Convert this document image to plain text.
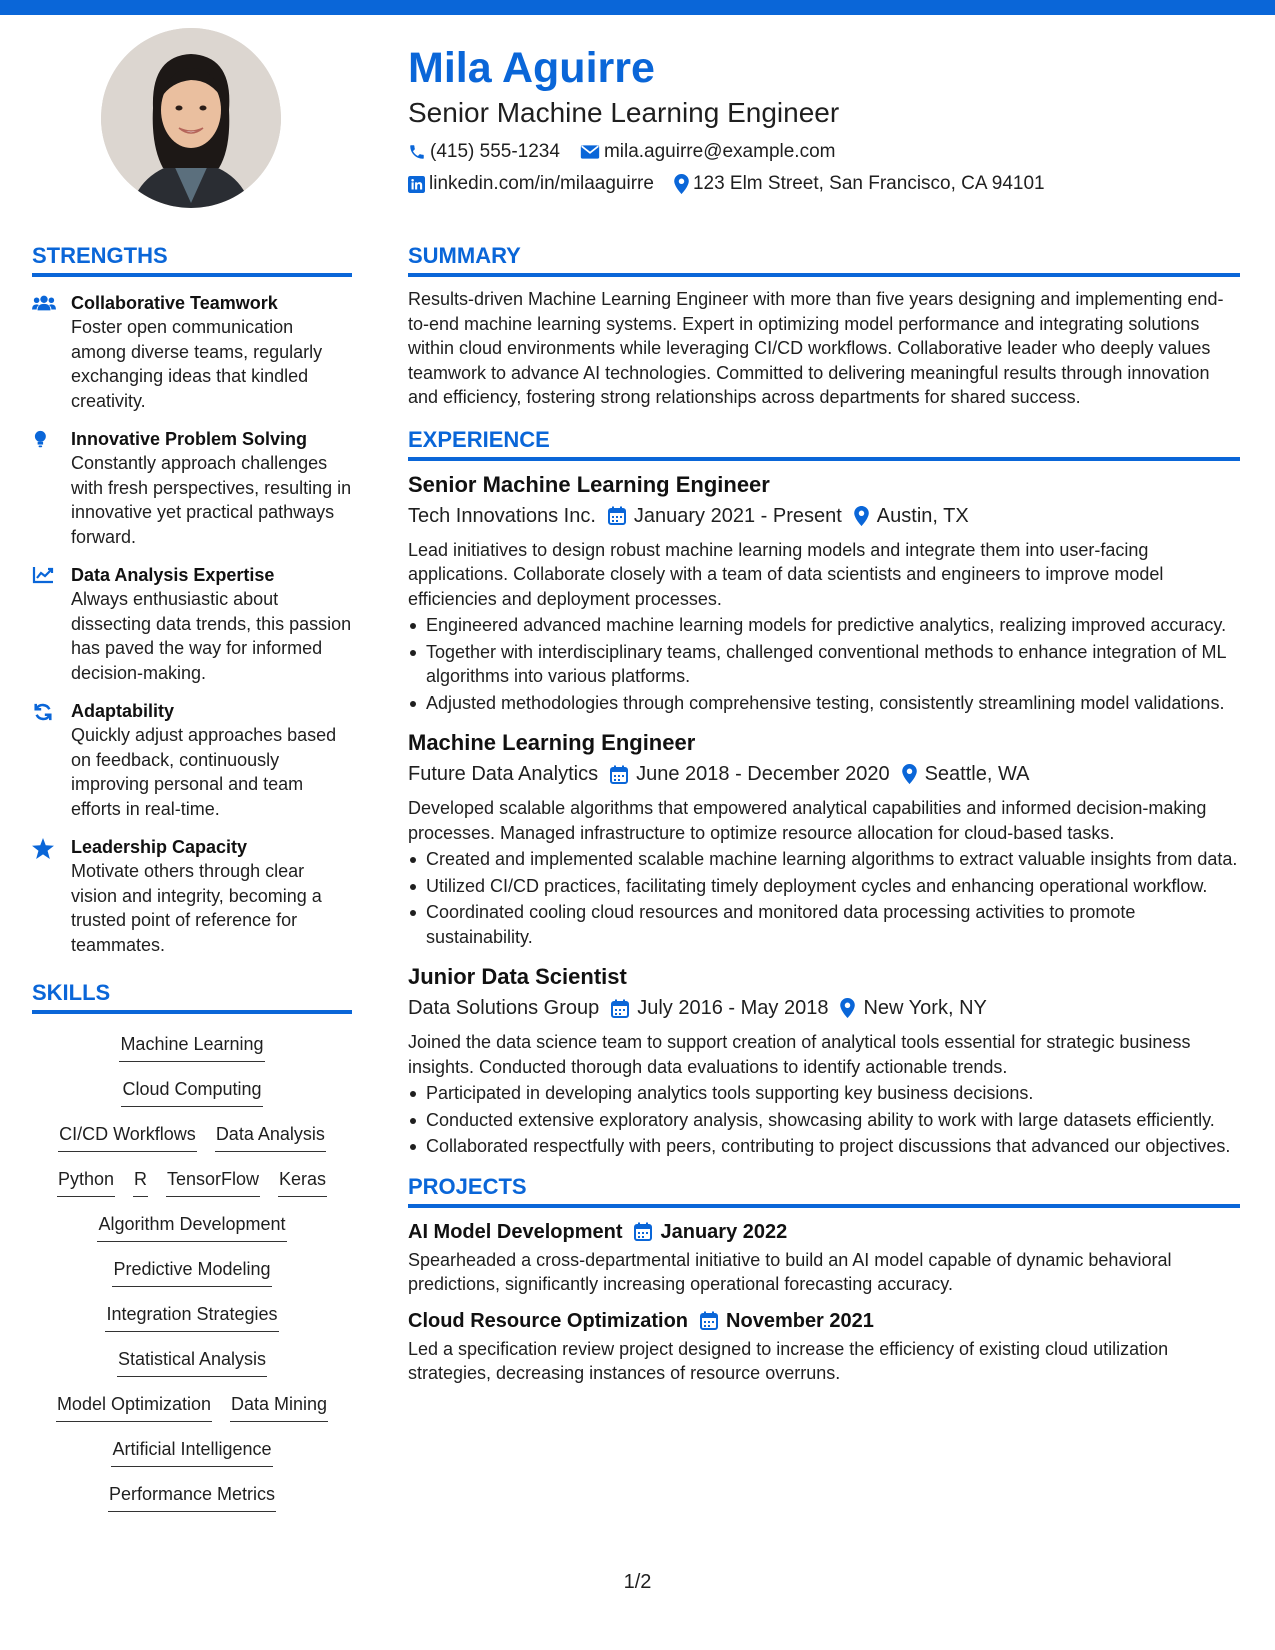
Mila Aguirre
Senior Machine Learning Engineer
(415) 555-1234 mila.aguirre@example.com
linkedin.com/in/milaaguirre 123 Elm Street, San Francisco, CA 94101
STRENGTHS
Collaborative Teamwork
Foster open communication among diverse teams, regularly exchanging ideas that kindled creativity.
Innovative Problem Solving
Constantly approach challenges with fresh perspectives, resulting in innovative yet practical pathways forward.
Data Analysis Expertise
Always enthusiastic about dissecting data trends, this passion has paved the way for informed decision-making.
Adaptability
Quickly adjust approaches based on feedback, continuously improving personal and team efforts in real-time.
Leadership Capacity
Motivate others through clear vision and integrity, becoming a trusted point of reference for teammates.
SKILLS
Machine Learning
Cloud Computing
CI/CD Workflows Data Analysis
Python R TensorFlow Keras
Algorithm Development
Predictive Modeling
Integration Strategies
Statistical Analysis
Model Optimization Data Mining
Artificial Intelligence
Performance Metrics
SUMMARY
Results-driven Machine Learning Engineer with more than five years designing and implementing end-to-end machine learning systems. Expert in optimizing model performance and integrating solutions within cloud environments while leveraging CI/CD workflows. Collaborative leader who deeply values teamwork to advance AI technologies. Committed to delivering meaningful results through innovation and efficiency, fostering strong relationships across departments for shared success.
EXPERIENCE
Senior Machine Learning Engineer
Tech Innovations Inc. January 2021 - Present Austin, TX
Lead initiatives to design robust machine learning models and integrate them into user-facing applications. Collaborate closely with a team of data scientists and engineers to improve model efficiencies and deployment processes.
Engineered advanced machine learning models for predictive analytics, realizing improved accuracy.
Together with interdisciplinary teams, challenged conventional methods to enhance integration of ML algorithms into various platforms.
Adjusted methodologies through comprehensive testing, consistently streamlining model validations.
Machine Learning Engineer
Future Data Analytics June 2018 - December 2020 Seattle, WA
Developed scalable algorithms that empowered analytical capabilities and informed decision-making processes. Managed infrastructure to optimize resource allocation for cloud-based tasks.
Created and implemented scalable machine learning algorithms to extract valuable insights from data.
Utilized CI/CD practices, facilitating timely deployment cycles and enhancing operational workflow.
Coordinated cooling cloud resources and monitored data processing activities to promote sustainability.
Junior Data Scientist
Data Solutions Group July 2016 - May 2018 New York, NY
Joined the data science team to support creation of analytical tools essential for strategic business insights. Conducted thorough data evaluations to identify actionable trends.
Participated in developing analytics tools supporting key business decisions.
Conducted extensive exploratory analysis, showcasing ability to work with large datasets efficiently.
Collaborated respectfully with peers, contributing to project discussions that advanced our objectives.
PROJECTS
AI Model Development January 2022
Spearheaded a cross-departmental initiative to build an AI model capable of dynamic behavioral predictions, significantly increasing operational forecasting accuracy.
Cloud Resource Optimization November 2021
Led a specification review project designed to increase the efficiency of existing cloud utilization strategies, decreasing instances of resource overruns.
1/2
